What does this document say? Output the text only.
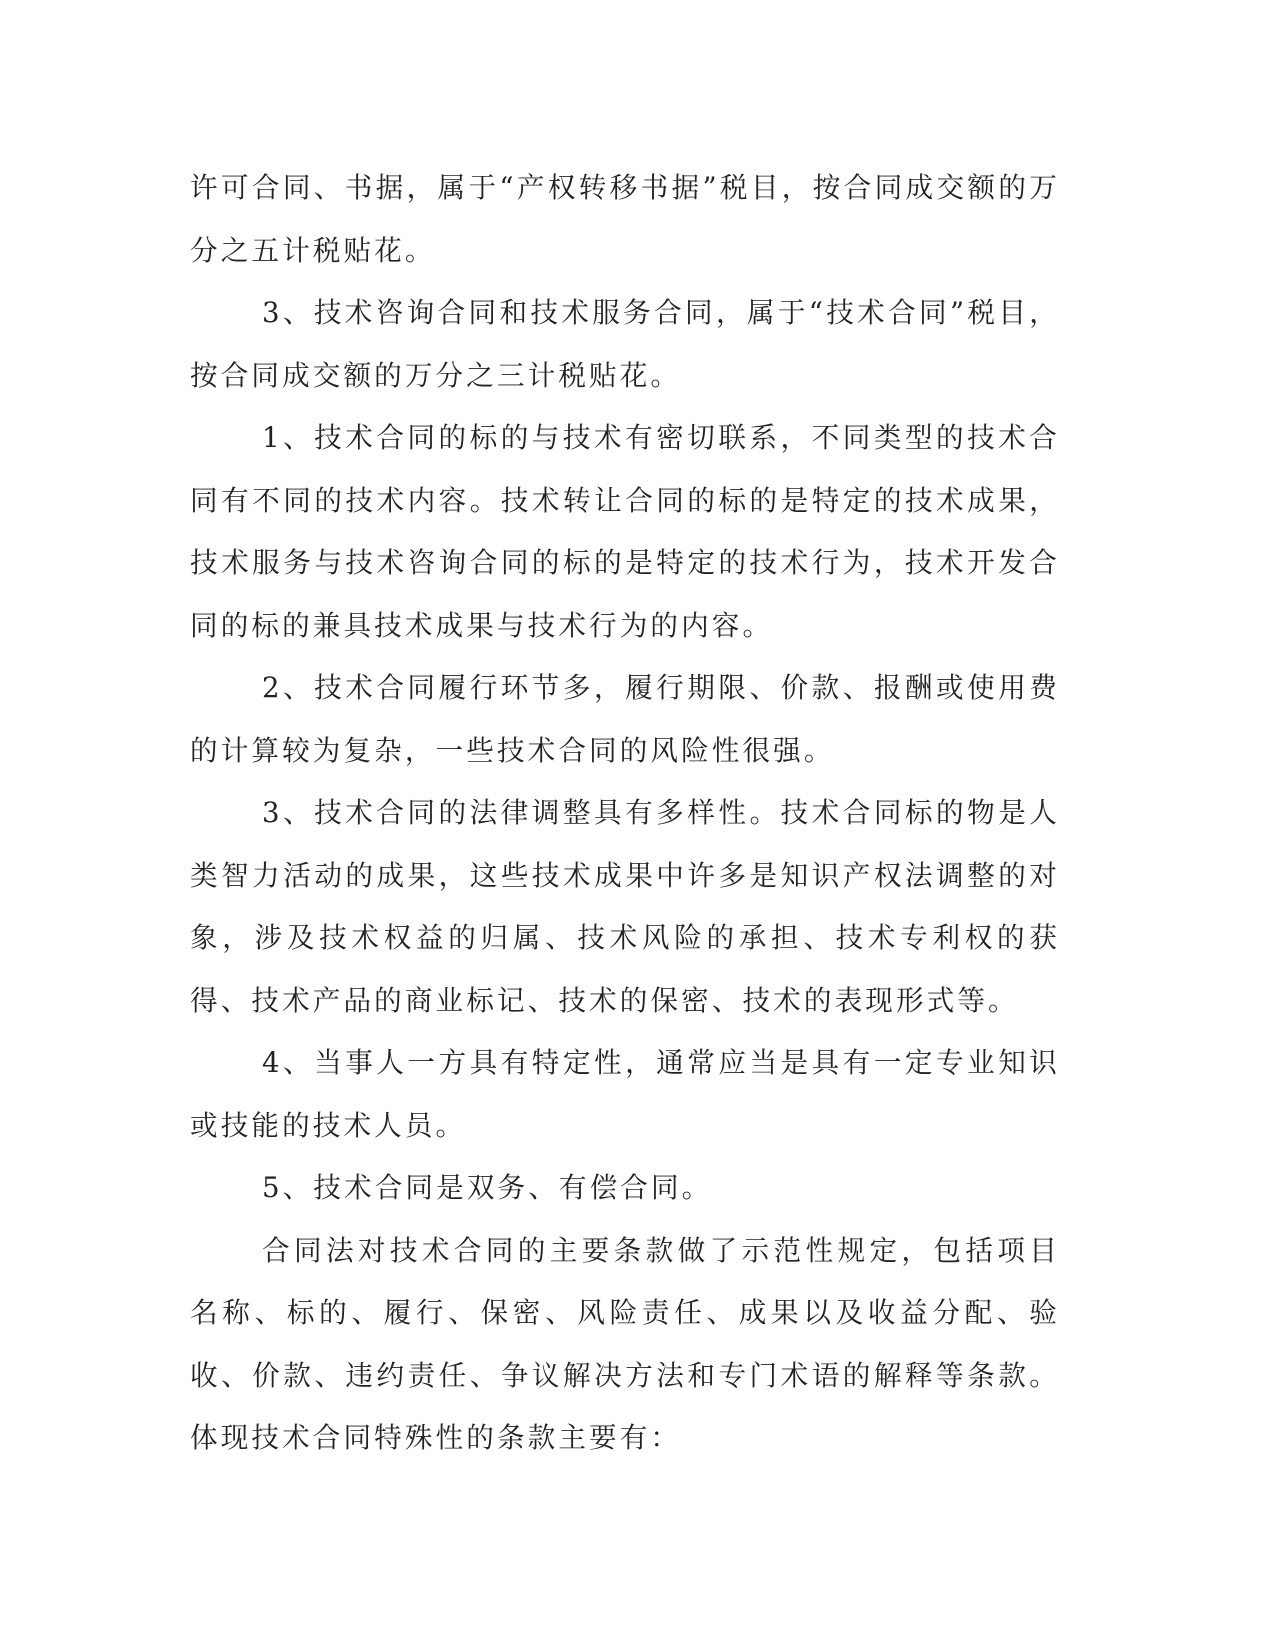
许可合同、书据，属于“产权转移书据”税目，按合同成交额的万分之五计税贴花。

3、技术咨询合同和技术服务合同，属于“技术合同”税目，按合同成交额的万分之三计税贴花。

1、技术合同的标的与技术有密切联系，不同类型的技术合同有不同的技术内容。技术转让合同的标的是特定的技术成果，技术服务与技术咨询合同的标的是特定的技术行为，技术开发合同的标的兼具技术成果与技术行为的内容。

2、技术合同履行环节多，履行期限、价款、报酬或使用费的计算较为复杂，一些技术合同的风险性很强。

3、技术合同的法律调整具有多样性。技术合同标的物是人类智力活动的成果，这些技术成果中许多是知识产权法调整的对象，涉及技术权益的归属、技术风险的承担、技术专利权的获得、技术产品的商业标记、技术的保密、技术的表现形式等。

4、当事人一方具有特定性，通常应当是具有一定专业知识或技能的技术人员。

5、技术合同是双务、有偿合同。

合同法对技术合同的主要条款做了示范性规定，包括项目名称、标的、履行、保密、风险责任、成果以及收益分配、验收、价款、违约责任、争议解决方法和专门术语的解释等条款。体现技术合同特殊性的条款主要有：
